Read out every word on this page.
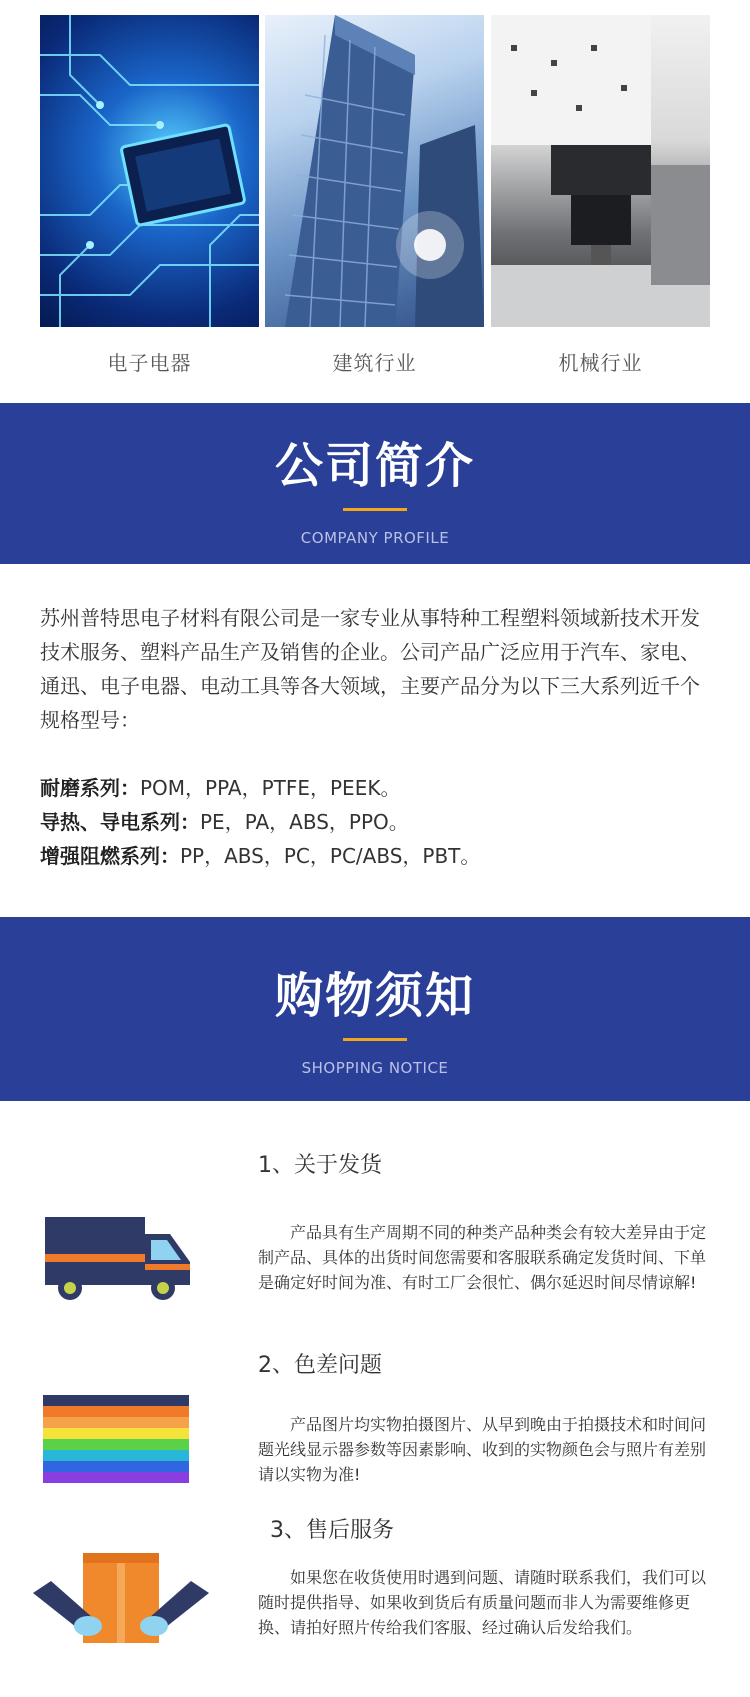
电子电器	建筑行业	机械行业
公司简介
COMPANY PROFILE

苏州普特思电子材料有限公司是一家专业从事特种工程塑料领域新技术开发技术服务、塑料产品生产及销售的企业。公司产品广泛应用于汽车、家电、通迅、电子电器、电动工具等各大领域，主要产品分为以下三大系列近千个规格型号：

耐磨系列：POM，PPA，PTFE，PEEK。
导热、导电系列：PE，PA，ABS，PPO。
增强阻燃系列：PP，ABS，PC，PC/ABS，PBT。
购物须知
SHOPPING NOTICE
1、关于发货
产品具有生产周期不同的种类产品种类会有较大差异由于定制产品、具体的出货时间您需要和客服联系确定发货时间、下单是确定好时间为准、有时工厂会很忙、偶尔延迟时间尽情谅解!
2、色差问题
产品图片均实物拍摄图片、从早到晚由于拍摄技术和时间问题光线显示器参数等因素影响、收到的实物颜色会与照片有差别请以实物为准!
3、售后服务
如果您在收货使用时遇到问题、请随时联系我们，我们可以随时提供指导、如果收到货后有质量问题而非人为需要维修更换、请拍好照片传给我们客服、经过确认后发给我们。
